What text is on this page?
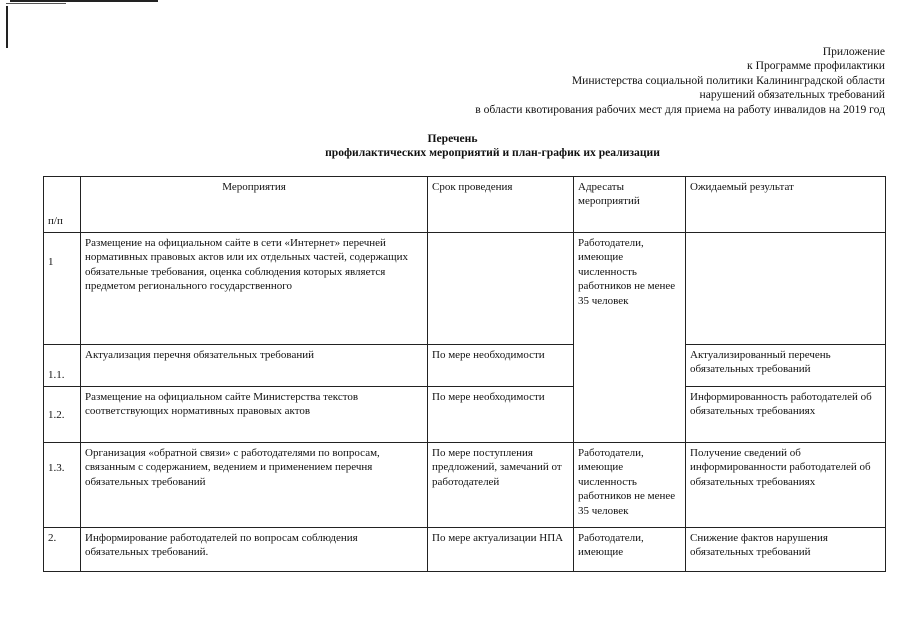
Приложение
к Программе профилактики
Министерства социальной политики Калининградской области
нарушений обязательных требований
в области квотирования рабочих мест для приема на работу инвалидов на 2019 год
Перечень
профилактических мероприятий и план-график их реализации
п/п	Мероприятия	Срок проведения	Адресаты мероприятий	Ожидаемый результат
1	Размещение на официальном сайте в сети «Интернет» перечней нормативных правовых актов или их отдельных частей, содержащих обязательные требования, оценка соблюдения которых является предметом регионального государственного		Работодатели, имеющие численность работников не менее 35 человек	
1.1.	Актуализация перечня обязательных требований	По мере необходимости		Актуализированный перечень обязательных требований
1.2.	Размещение на официальном сайте Министерства текстов соответствующих нормативных правовых актов	По мере необходимости		Информированность работодателей об обязательных требованиях
1.3.	Организация «обратной связи» с работодателями по вопросам, связанным с содержанием, ведением и применением перечня обязательных требований	По мере поступления предложений, замечаний от работодателей	Работодатели, имеющие численность работников не менее 35 человек	Получение сведений об информированности работодателей об обязательных требованиях
2.	Информирование работодателей по вопросам соблюдения обязательных требований.	По мере актуализации НПА	Работодатели, имеющие	Снижение фактов нарушения обязательных требований
